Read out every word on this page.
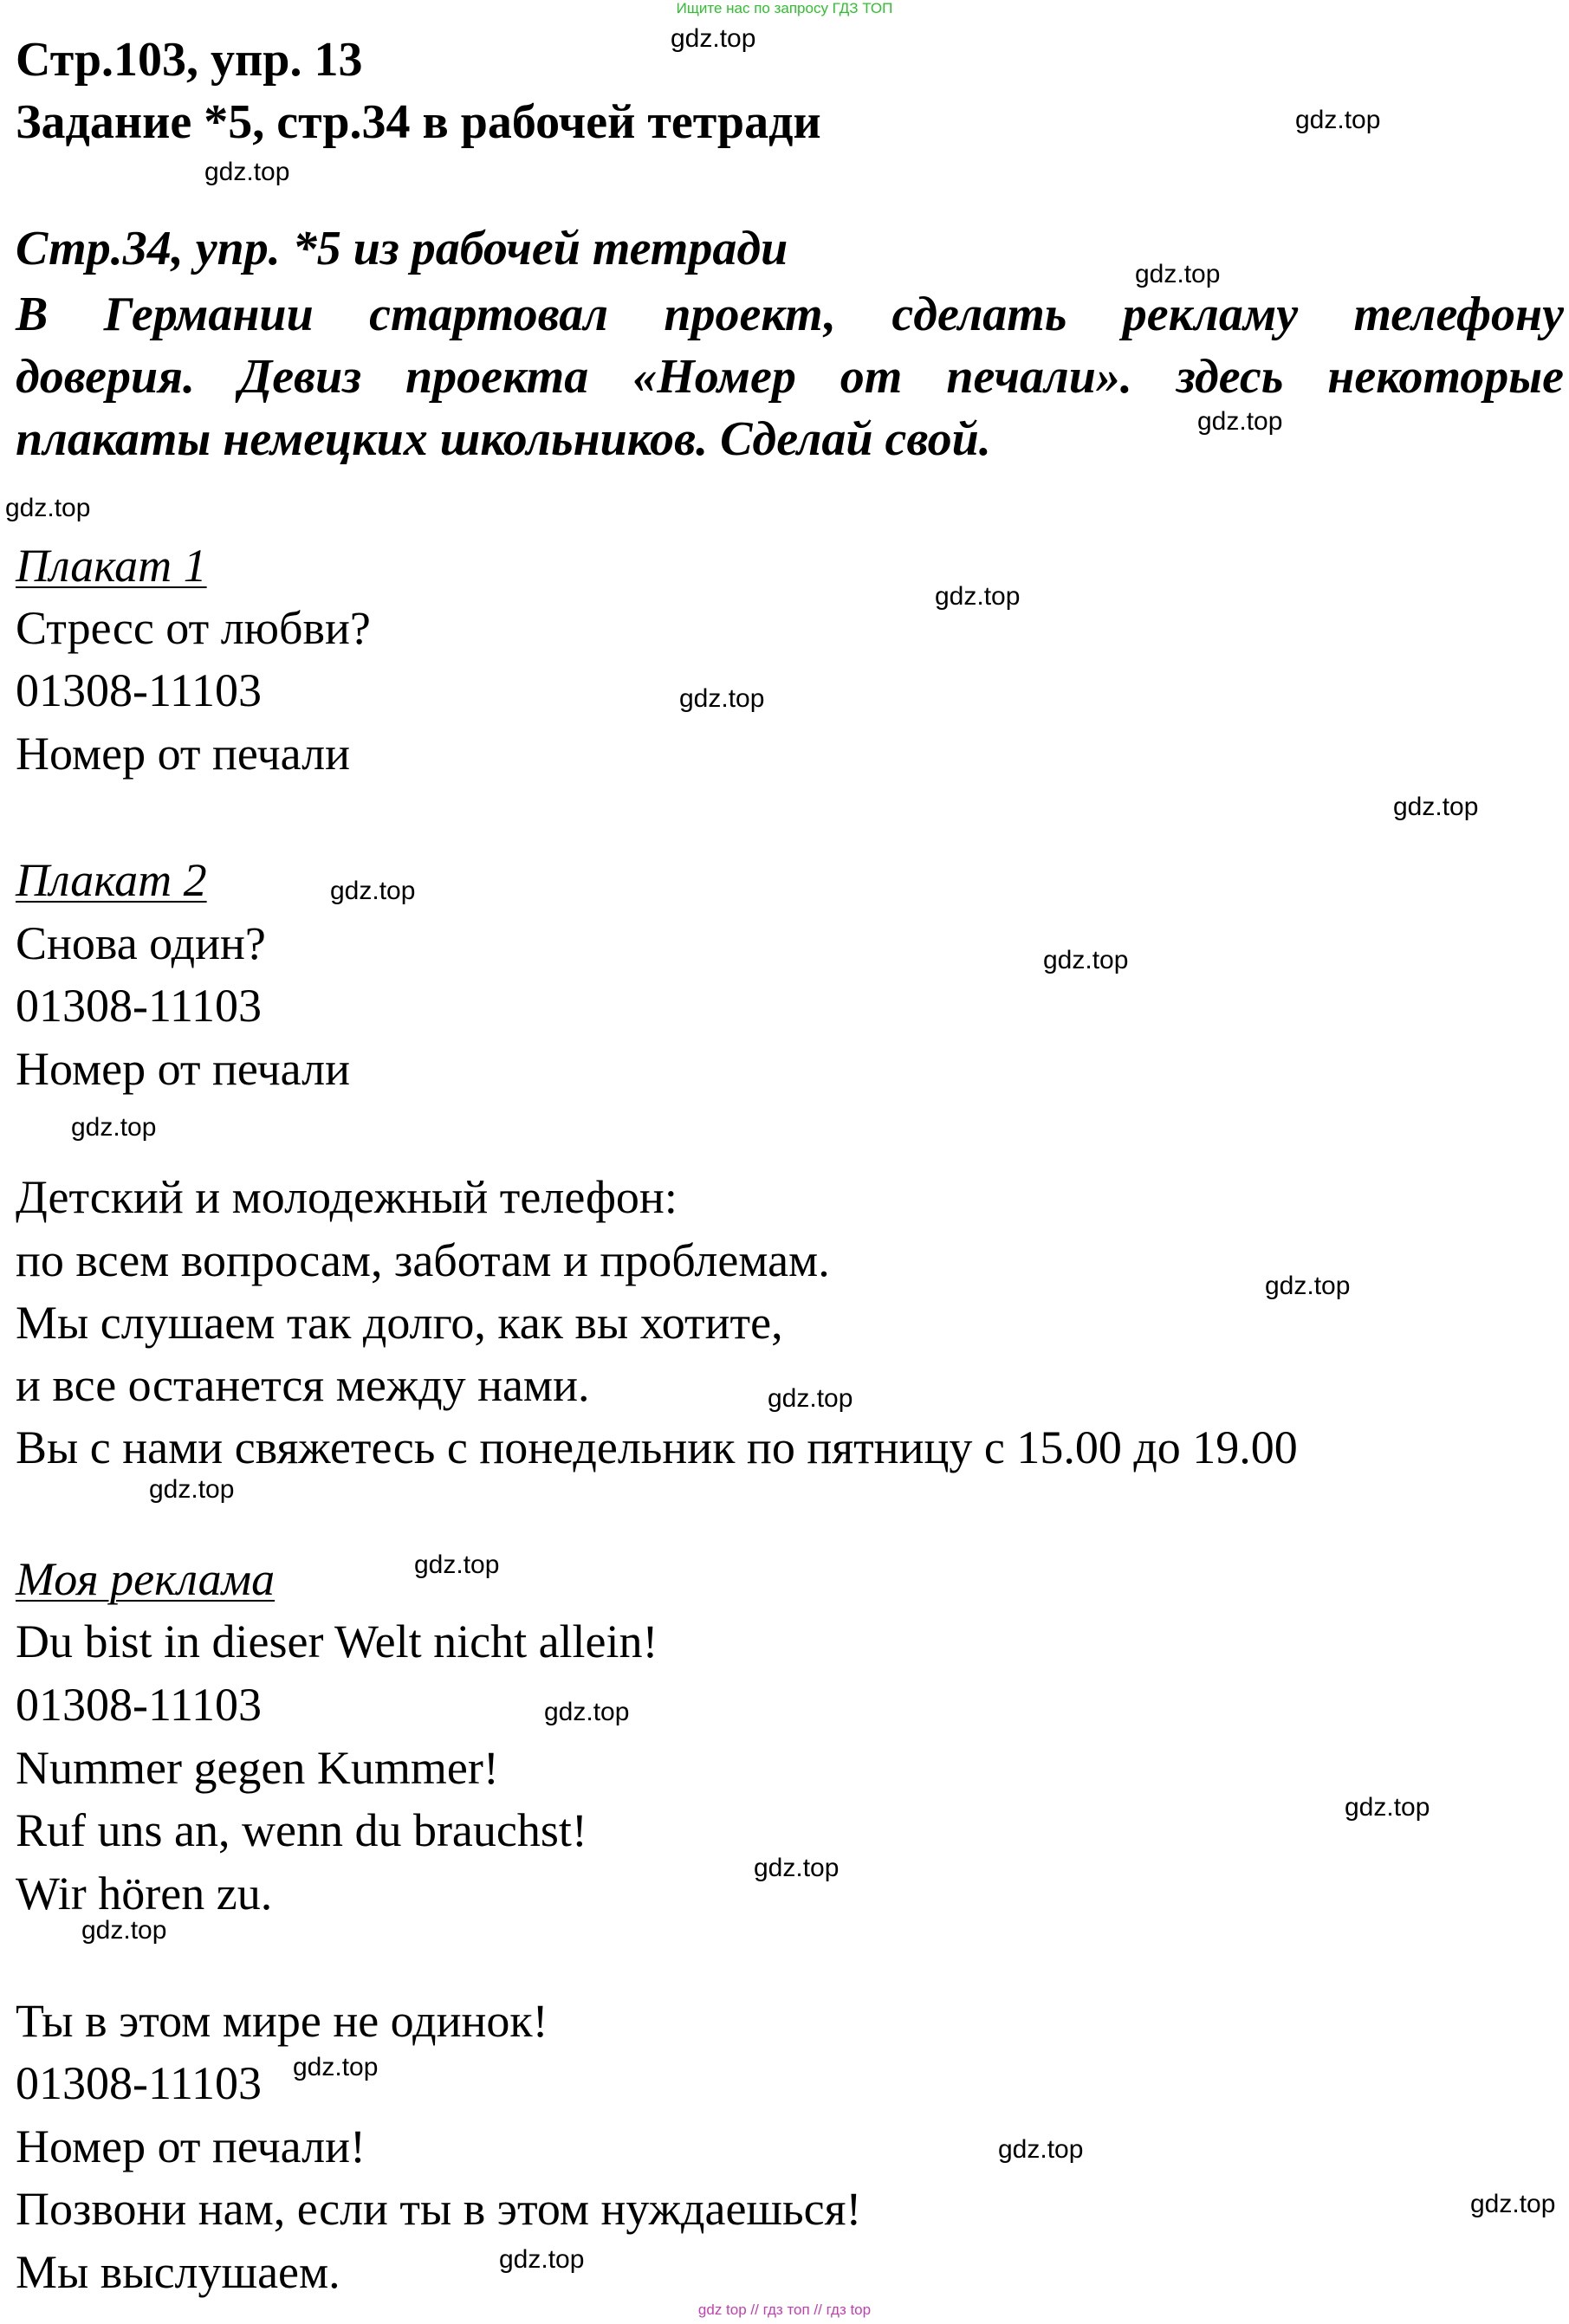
Ищите нас по запросу ГДЗ ТОП
Стр.103, упр. 13
Задание *5, стр.34 в рабочей тетради
Стр.34, упр. *5 из рабочей тетради
В Германии стартовал проект, сделать рекламу телефону
доверия. Девиз проекта «Номер от печали». здесь некоторые
плакаты немецких школьников. Сделай свой.
Плакат 1
Стресс от любви?
01308-11103
Номер от печали
Плакат 2
Снова один?
01308-11103
Номер от печали
Детский и молодежный телефон:
по всем вопросам, заботам и проблемам.
Мы слушаем так долго, как вы хотите,
и все останется между нами.
Вы с нами свяжетесь с понедельник по пятницу с 15.00 до 19.00
Моя реклама
Du bist in dieser Welt nicht allein!
01308-11103
Nummer gegen Kummer!
Ruf uns an, wenn du brauchst!
Wir hören zu.
Ты в этом мире не одинок!
01308-11103
Номер от печали!
Позвони нам, если ты в этом нуждаешься!
Мы выслушаем.
gdz.top
gdz.top
gdz.top
gdz.top
gdz.top
gdz.top
gdz.top
gdz.top
gdz.top
gdz.top
gdz.top
gdz.top
gdz.top
gdz.top
gdz.top
gdz.top
gdz.top
gdz.top
gdz.top
gdz.top
gdz.top
gdz.top
gdz.top
gdz.top
gdz top // гдз топ // гдз top
